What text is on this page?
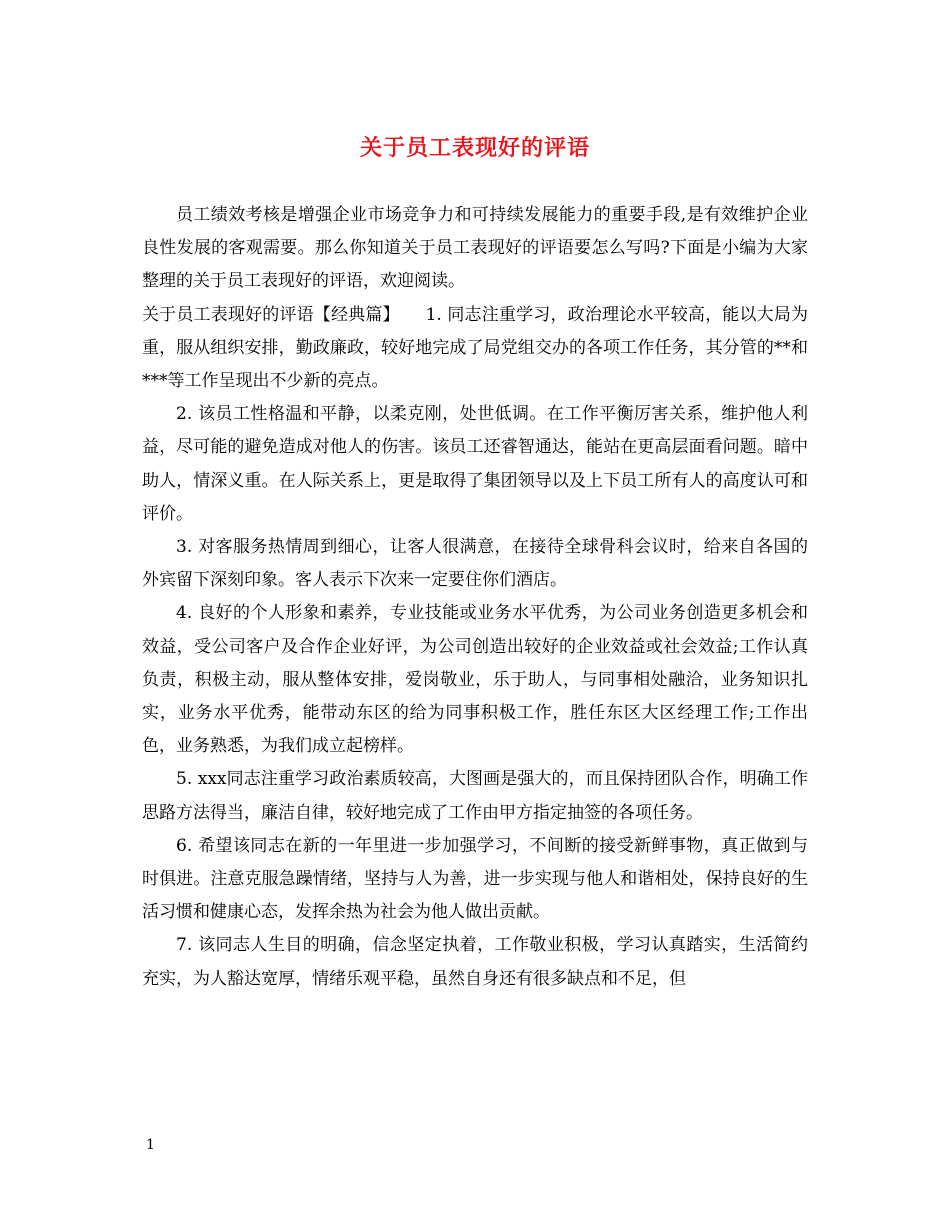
关于员工表现好的评语

员工绩效考核是增强企业市场竞争力和可持续发展能力的重要手段,是有效维护企业良性发展的客观需要。那么你知道关于员工表现好的评语要怎么写吗?下面是小编为大家整理的关于员工表现好的评语，欢迎阅读。

关于员工表现好的评语【经典篇】　　1. 同志注重学习，政治理论水平较高，能以大局为重，服从组织安排，勤政廉政，较好地完成了局党组交办的各项工作任务，其分管的**和***等工作呈现出不少新的亮点。

2. 该员工性格温和平静，以柔克刚，处世低调。在工作平衡厉害关系，维护他人利益，尽可能的避免造成对他人的伤害。该员工还睿智通达，能站在更高层面看问题。暗中助人，情深义重。在人际关系上，更是取得了集团领导以及上下员工所有人的高度认可和评价。

3. 对客服务热情周到细心，让客人很满意，在接待全球骨科会议时，给来自各国的外宾留下深刻印象。客人表示下次来一定要住你们酒店。

4. 良好的个人形象和素养，专业技能或业务水平优秀，为公司业务创造更多机会和效益，受公司客户及合作企业好评，为公司创造出较好的企业效益或社会效益;工作认真负责，积极主动，服从整体安排，爱岗敬业，乐于助人，与同事相处融洽，业务知识扎实，业务水平优秀，能带动东区的给为同事积极工作，胜任东区大区经理工作;工作出色，业务熟悉，为我们成立起榜样。

5. xxx同志注重学习政治素质较高，大图画是强大的，而且保持团队合作，明确工作思路方法得当，廉洁自律，较好地完成了工作由甲方指定抽签的各项任务。

6. 希望该同志在新的一年里进一步加强学习，不间断的接受新鲜事物，真正做到与时俱进。注意克服急躁情绪，坚持与人为善，进一步实现与他人和谐相处，保持良好的生活习惯和健康心态，发挥余热为社会为他人做出贡献。

7. 该同志人生目的明确，信念坚定执着，工作敬业积极，学习认真踏实，生活简约充实，为人豁达宽厚，情绪乐观平稳，虽然自身还有很多缺点和不足，但

1
